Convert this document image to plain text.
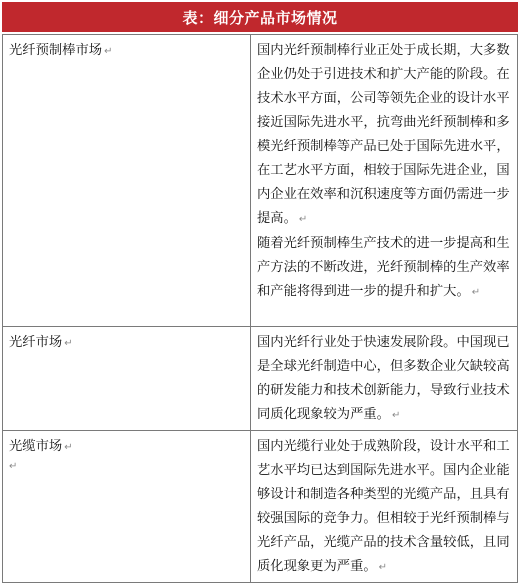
表：细分产品市场情况
光纤预制棒市场 ↵	国内光纤预制棒行业正处于成长期，大多数企业仍处于引进技术和扩大产能的阶段。在技术水平方面，公司等领先企业的设计水平接近国际先进水平，抗弯曲光纤预制棒和多模光纤预制棒等产品已处于国际先进水平，在工艺水平方面，相较于国际先进企业，国内企业在效率和沉积速度等方面仍需进一步提高。 ↵

随着光纤预制棒生产技术的进一步提高和生产方法的不断改进，光纤预制棒的生产效率和产能将得到进一步的提升和扩大。 ↵

光纤市场 ↵	国内光纤行业处于快速发展阶段。中国现已是全球光纤制造中心，但多数企业欠缺较高的研发能力和技术创新能力，导致行业技术同质化现象较为严重。 ↵

光缆市场 ↵
↵	国内光缆行业处于成熟阶段，设计水平和工艺水平均已达到国际先进水平。国内企业能够设计和制造各种类型的光缆产品，且具有较强国际的竞争力。但相较于光纤预制棒与光纤产品，光缆产品的技术含量较低，且同质化现象更为严重。 ↵
